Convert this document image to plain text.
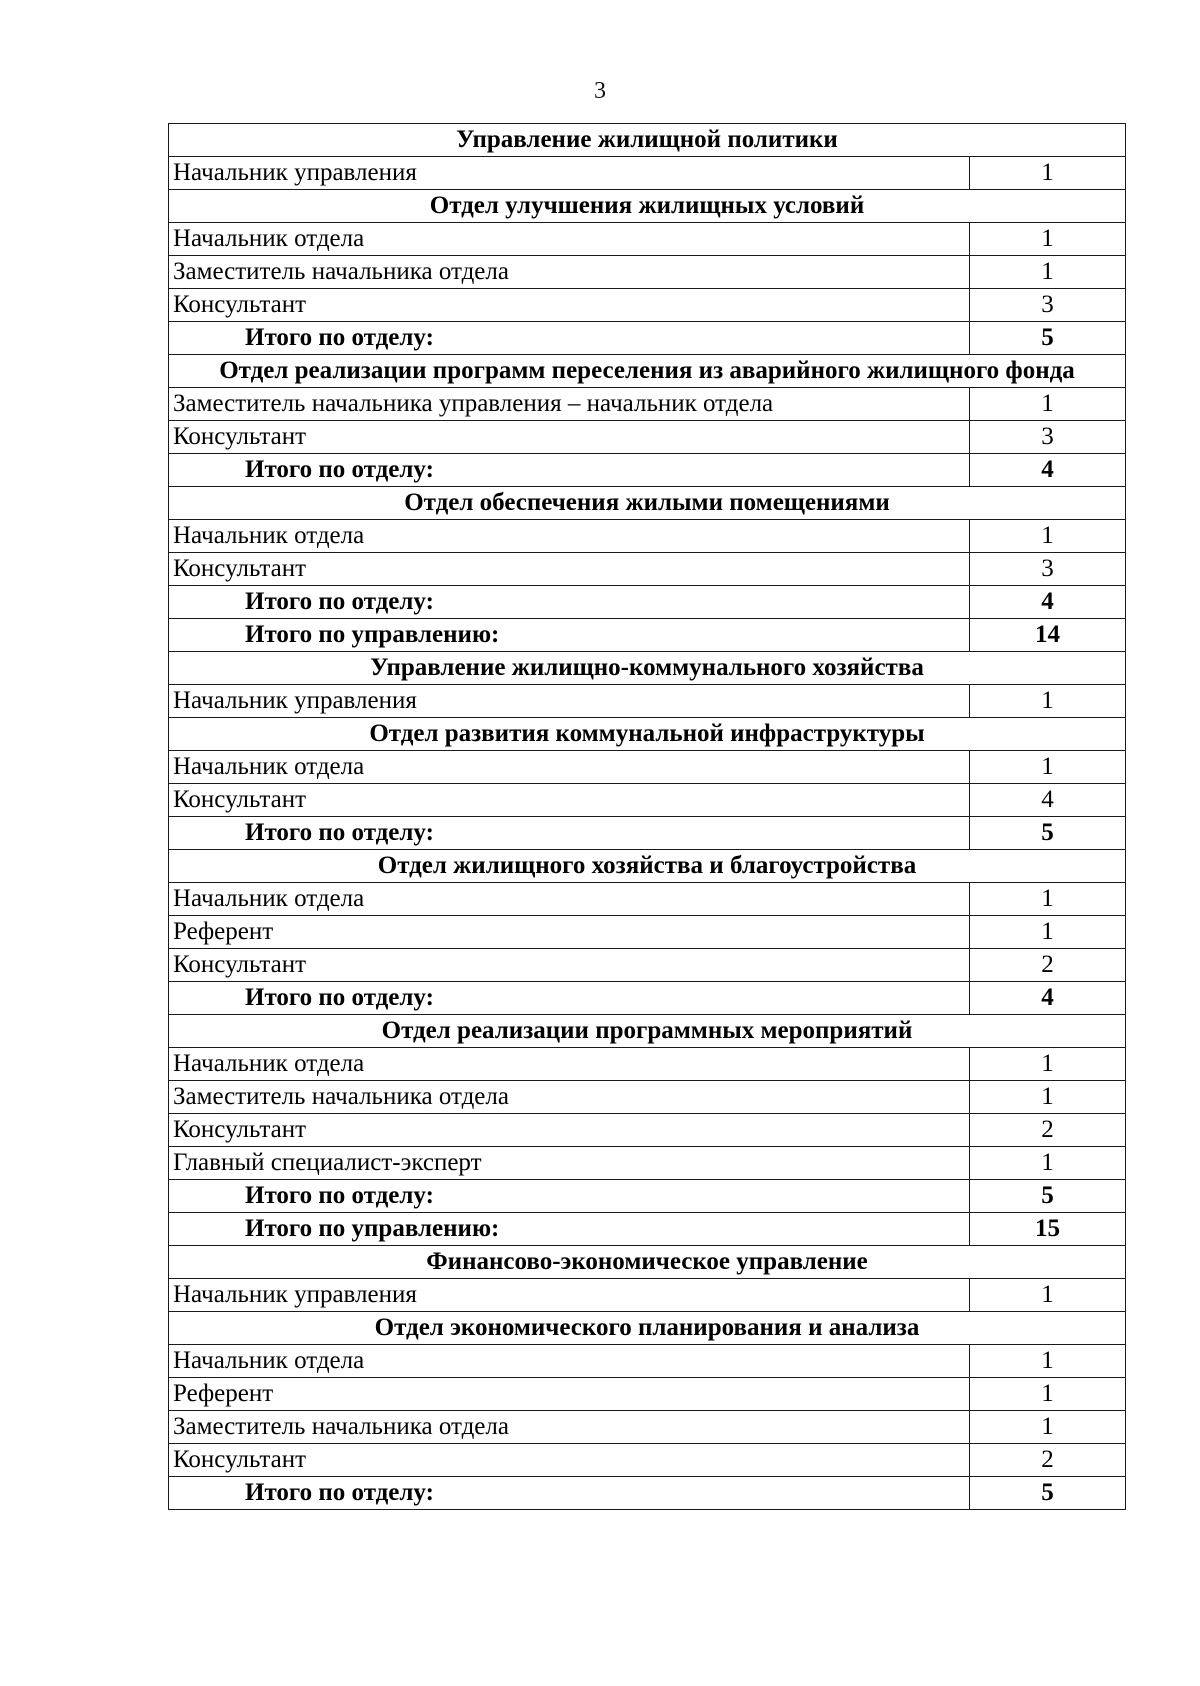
3
Управление жилищной политики	
Начальник управления	1
Отдел улучшения жилищных условий	
Начальник отдела	1
Заместитель начальника отдела	1
Консультант	3
Итого по отделу:	5
Отдел реализации программ переселения из аварийного жилищного фонда	
Заместитель начальника управления – начальник отдела	1
Консультант	3
Итого по отделу:	4
Отдел обеспечения жилыми помещениями	
Начальник отдела	1
Консультант	3
Итого по отделу:	4
Итого по управлению:	14
Управление жилищно-коммунального хозяйства	
Начальник управления	1
Отдел развития коммунальной инфраструктуры	
Начальник отдела	1
Консультант	4
Итого по отделу:	5
Отдел жилищного хозяйства и благоустройства	
Начальник отдела	1
Референт	1
Консультант	2
Итого по отделу:	4
Отдел реализации программных мероприятий	
Начальник отдела	1
Заместитель начальника отдела	1
Консультант	2
Главный специалист-эксперт	1
Итого по отделу:	5
Итого по управлению:	15
Финансово-экономическое управление	
Начальник управления	1
Отдел экономического планирования и анализа	
Начальник отдела	1
Референт	1
Заместитель начальника отдела	1
Консультант	2
Итого по отделу:	5
